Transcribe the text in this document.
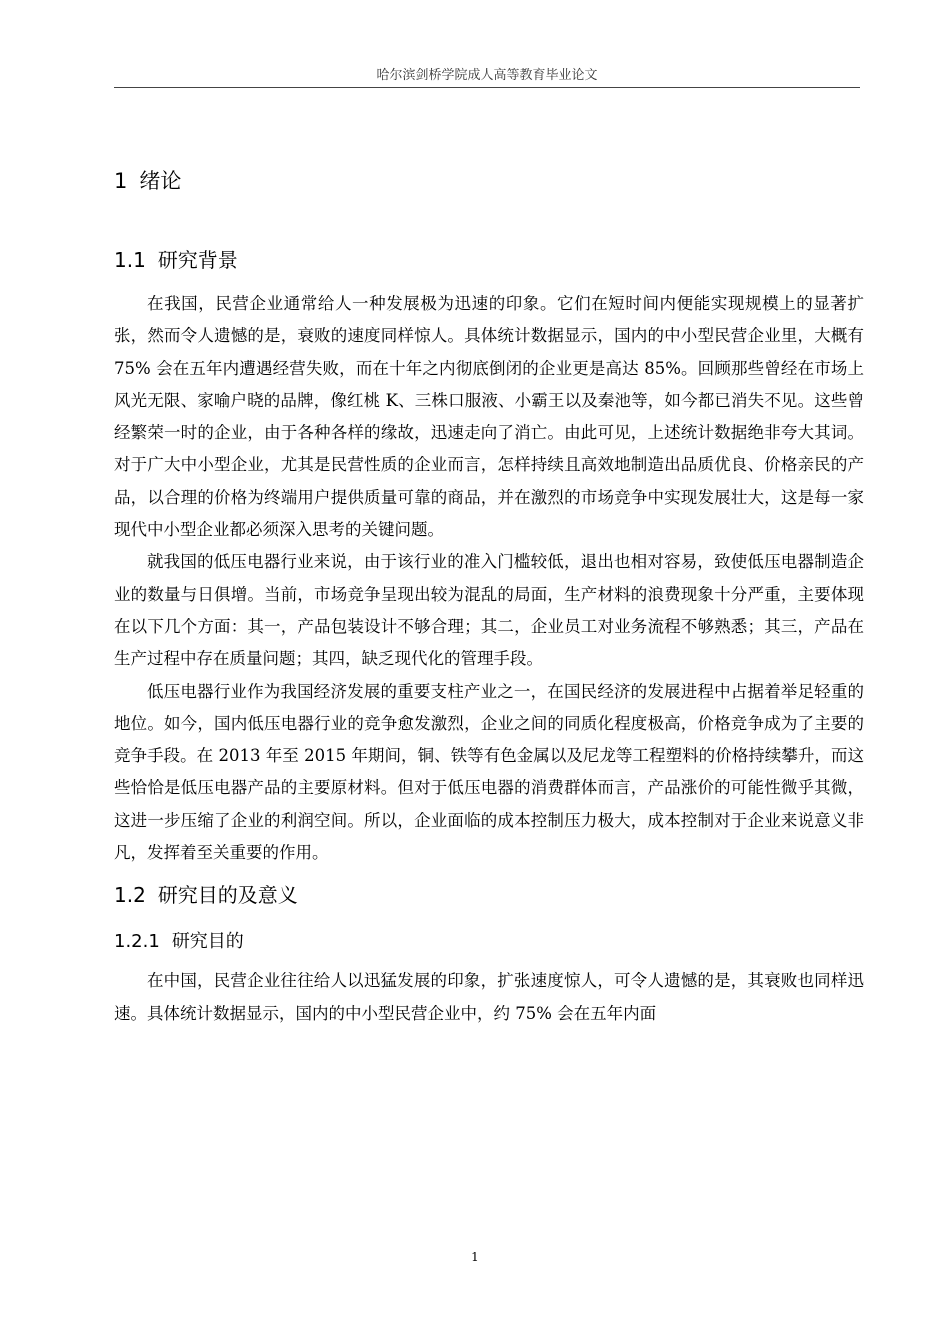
哈尔滨剑桥学院成人高等教育毕业论文
1 绪论
1.1 研究背景

在我国，民营企业通常给人一种发展极为迅速的印象。它们在短时间内便能实现规模上的显著扩张，然而令人遗憾的是，衰败的速度同样惊人。具体统计数据显示，国内的中小型民营企业里，大概有 75% 会在五年内遭遇经营失败，而在十年之内彻底倒闭的企业更是高达 85%。回顾那些曾经在市场上风光无限、家喻户晓的品牌，像红桃 K、三株口服液、小霸王以及秦池等，如今都已消失不见。这些曾经繁荣一时的企业，由于各种各样的缘故，迅速走向了消亡。由此可见，上述统计数据绝非夸大其词。对于广大中小型企业，尤其是民营性质的企业而言，怎样持续且高效地制造出品质优良、价格亲民的产品，以合理的价格为终端用户提供质量可靠的商品，并在激烈的市场竞争中实现发展壮大，这是每一家现代中小型企业都必须深入思考的关键问题。

就我国的低压电器行业来说，由于该行业的准入门槛较低，退出也相对容易，致使低压电器制造企业的数量与日俱增。当前，市场竞争呈现出较为混乱的局面，生产材料的浪费现象十分严重，主要体现在以下几个方面：其一，产品包装设计不够合理；其二，企业员工对业务流程不够熟悉；其三，产品在生产过程中存在质量问题；其四，缺乏现代化的管理手段。

低压电器行业作为我国经济发展的重要支柱产业之一，在国民经济的发展进程中占据着举足轻重的地位。如今，国内低压电器行业的竞争愈发激烈，企业之间的同质化程度极高，价格竞争成为了主要的竞争手段。在 2013 年至 2015 年期间，铜、铁等有色金属以及尼龙等工程塑料的价格持续攀升，而这些恰恰是低压电器产品的主要原材料。但对于低压电器的消费群体而言，产品涨价的可能性微乎其微，这进一步压缩了企业的利润空间。所以，企业面临的成本控制压力极大，成本控制对于企业来说意义非凡，发挥着至关重要的作用。

1.2 研究目的及意义
1.2.1 研究目的

在中国，民营企业往往给人以迅猛发展的印象，扩张速度惊人，可令人遗憾的是，其衰败也同样迅速。具体统计数据显示，国内的中小型民营企业中，约 75% 会在五年内面

1
